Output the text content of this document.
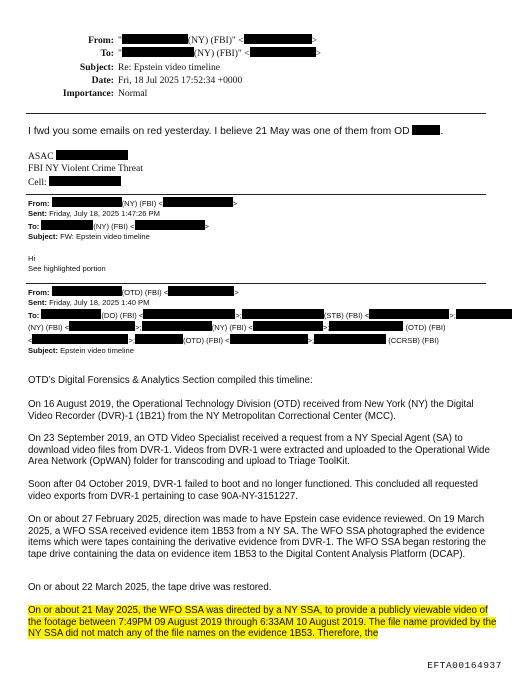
From: "	(NY) (FBI)" <	>
To: "	(NY) (FBI)" <	>
Subject: Re: Epstein video timeline
Date: Fri, 18 Jul 2025 17:52:34 +0000
Importance: Normal
I fwd you some emails on red yesterday. I believe 21 May was one of them from OD	.
ASAC
FBI NY Violent Crime Threat
Cell:
From:	(NY) (FBI) <	>
Sent: Friday, July 18, 2025 1:47:26 PM
To:	(NY) (FBI) <	>
Subject: FW: Epstein video timeline
Hi
See highlighted portion
From:	(OTD) (FBI) <	>
Sent: Friday, July 18, 2025 1:40 PM
To:	(DO) (FBI) <	>;	(STB) (FBI) <	>;
(NY) (FBI) <	>;	(NY) (FBI) <	>;	(OTD) (FBI)
<	>;	(OTD) (FBI) <	>;	(CCRSB) (FBI)
Subject: Epstein video timeline

OTD’s Digital Forensics & Analytics Section compiled this timeline:

On 16 August 2019, the Operational Technology Division (OTD) received from New York (NY) the Digital Video Recorder (DVR)-1 (1B21) from the NY Metropolitan Correctional Center (MCC).

On 23 September 2019, an OTD Video Specialist received a request from a NY Special Agent (SA) to download video files from DVR-1. Videos from DVR-1 were extracted and uploaded to the Operational Wide Area Network (OpWAN) folder for transcoding and upload to Triage ToolKit.

Soon after 04 October 2019, DVR-1 failed to boot and no longer functioned. This concluded all requested video exports from DVR-1 pertaining to case 90A-NY-3151227.

On or about 27 February 2025, direction was made to have Epstein case evidence reviewed. On 19 March 2025, a WFO SSA received evidence item 1B53 from a NY SA. The WFO SSA photographed the evidence items which were tapes containing the derivative evidence from DVR-1. The WFO SSA began restoring the tape drive containing the data on evidence item 1B53 to the Digital Content Analysis Platform (DCAP).

On or about 22 March 2025, the tape drive was restored.

On or about 21 May 2025, the WFO SSA was directed by a NY SSA, to provide a publicly viewable video of the footage between 7:49PM 09 August 2019 through 6:33AM 10 August 2019. The file name provided by the NY SSA did not match any of the file names on the evidence 1B53. Therefore, the

EFTA00164937
